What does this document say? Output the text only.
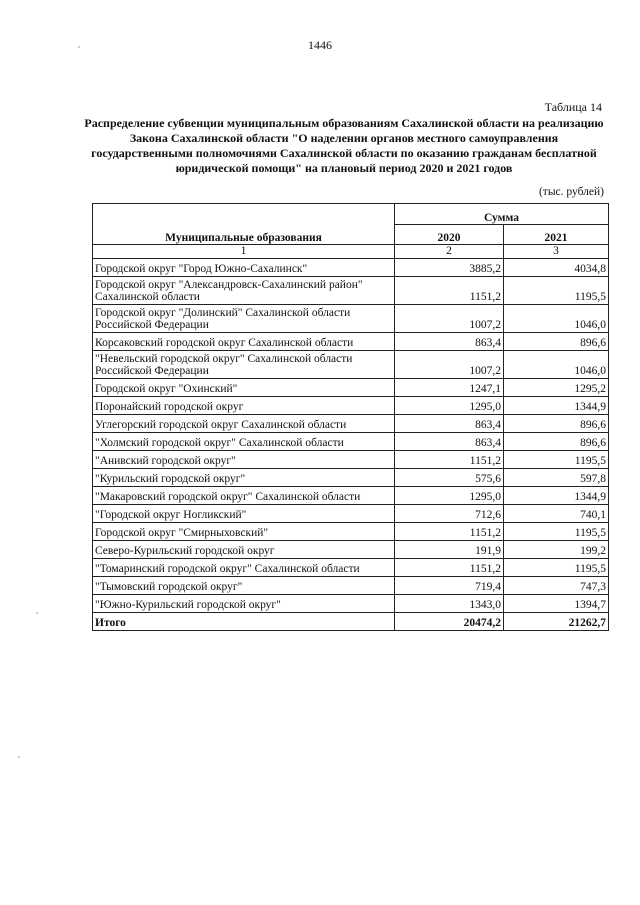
1446
Таблица 14
Распределение субвенции муниципальным образованиям Сахалинской области на реализацию Закона Сахалинской области "О наделении органов местного самоуправления государственными полномочиями Сахалинской области по оказанию гражданам бесплатной юридической помощи" на плановый период 2020 и 2021 годов
(тыс. рублей)
Муниципальные образования	Сумма	
	2020	2021
1	2	3
Городской округ "Город Южно-Сахалинск"	3885,2	4034,8
Городской округ "Александровск-Сахалинский район" Сахалинской области	1151,2	1195,5
Городской округ "Долинский" Сахалинской области Российской Федерации	1007,2	1046,0
Корсаковский городской округ Сахалинской области	863,4	896,6
"Невельский городской округ" Сахалинской области Российской Федерации	1007,2	1046,0
Городской округ "Охинский"	1247,1	1295,2
Поронайский городской округ	1295,0	1344,9
Углегорский городской округ Сахалинской области	863,4	896,6
"Холмский городской округ" Сахалинской области	863,4	896,6
"Анивский городской округ"	1151,2	1195,5
"Курильский городской округ"	575,6	597,8
"Макаровский городской округ" Сахалинской области	1295,0	1344,9
"Городской округ Ногликский"	712,6	740,1
Городской округ "Смирныховский"	1151,2	1195,5
Северо-Курильский городской округ	191,9	199,2
"Томаринский городской округ" Сахалинской области	1151,2	1195,5
"Тымовский городской округ"	719,4	747,3
"Южно-Курильский городской округ"	1343,0	1394,7
Итого	20474,2	21262,7
